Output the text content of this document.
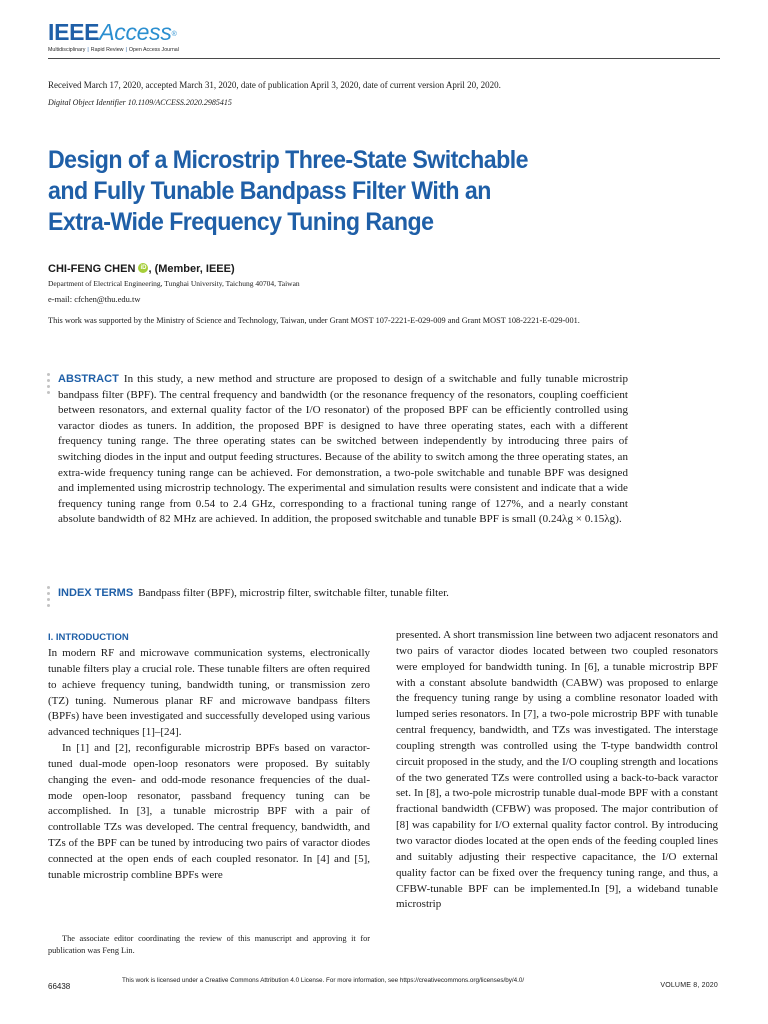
IEEEAccess®
Multidisciplinary | Rapid Review | Open Access Journal
Received March 17, 2020, accepted March 31, 2020, date of publication April 3, 2020, date of current version April 20, 2020.
Digital Object Identifier 10.1109/ACCESS.2020.2985415
Design of a Microstrip Three-State Switchable
and Fully Tunable Bandpass Filter With an
Extra-Wide Frequency Tuning Range
CHI-FENG CHEN iD , (Member, IEEE)
Department of Electrical Engineering, Tunghai University, Taichung 40704, Taiwan
e-mail: cfchen@thu.edu.tw
This work was supported by the Ministry of Science and Technology, Taiwan, under Grant MOST 107-2221-E-029-009 and Grant MOST 108-2221-E-029-001.
ABSTRACT In this study, a new method and structure are proposed to design of a switchable and fully tunable microstrip bandpass filter (BPF). The central frequency and bandwidth (or the resonance frequency of the resonators, coupling coefficient between resonators, and external quality factor of the I/O resonator) of the proposed BPF can be efficiently controlled using varactor diodes as tuners. In addition, the proposed BPF is designed to have three operating states, each with a different frequency tuning range. The three operating states can be switched between independently by introducing three pairs of switching diodes in the input and output feeding structures. Because of the ability to switch among the three operating states, an extra-wide frequency tuning range can be achieved. For demonstration, a two-pole switchable and tunable BPF was designed and implemented using microstrip technology. The experimental and simulation results were consistent and indicate that a wide frequency tuning range from 0.54 to 2.4 GHz, corresponding to a fractional tuning range of 127%, and a nearly constant absolute bandwidth of 82 MHz are achieved. In addition, the proposed switchable and tunable BPF is small (0.24λg × 0.15λg).
INDEX TERMS Bandpass filter (BPF), microstrip filter, switchable filter, tunable filter.
I. INTRODUCTION

In modern RF and microwave communication systems, electronically tunable filters play a crucial role. These tunable filters are often required to achieve frequency tuning, bandwidth tuning, or transmission zero (TZ) tuning. Numerous planar RF and microwave bandpass filters (BPFs) have been investigated and successfully developed using various advanced techniques [1]–[24].

In [1] and [2], reconfigurable microstrip BPFs based on varactor-tuned dual-mode open-loop resonators were proposed. By suitably changing the even- and odd-mode resonance frequencies of the dual-mode open-loop resonator, passband frequency tuning can be accomplished. In [3], a tunable microstrip BPF with a pair of controllable TZs was developed. The central frequency, bandwidth, and TZs of the BPF can be tuned by introducing two pairs of varactor diodes connected at the open ends of each coupled resonator. In [4] and [5], tunable microstrip combline BPFs were

presented. A short transmission line between two adjacent resonators and two pairs of varactor diodes located between two coupled resonators were employed for bandwidth tuning. In [6], a tunable microstrip BPF with a constant absolute bandwidth (CABW) was proposed to enlarge the frequency tuning range by using a combline resonator loaded with lumped series resonators. In [7], a two-pole microstrip BPF with tunable central frequency, bandwidth, and TZs was investigated. The interstage coupling strength was controlled using the T-type bandwidth control circuit proposed in the study, and the I/O coupling strength and locations of the two generated TZs were controlled using a back-to-back varactor set. In [8], a two-pole microstrip tunable dual-mode BPF with a constant fractional bandwidth (CFBW) was proposed. The major contribution of [8] was capability for I/O external quality factor control. By introducing two varactor diodes located at the open ends of the feeding coupled lines and suitably adjusting their respective capacitance, the I/O external quality factor can be fixed over the frequency tuning range, and thus, a CFBW-tunable BPF can be implemented.In [9], a wideband tunable microstrip

The associate editor coordinating the review of this manuscript and approving it for publication was Feng Lin.
66438
This work is licensed under a Creative Commons Attribution 4.0 License. For more information, see https://creativecommons.org/licenses/by/4.0/
VOLUME 8, 2020
